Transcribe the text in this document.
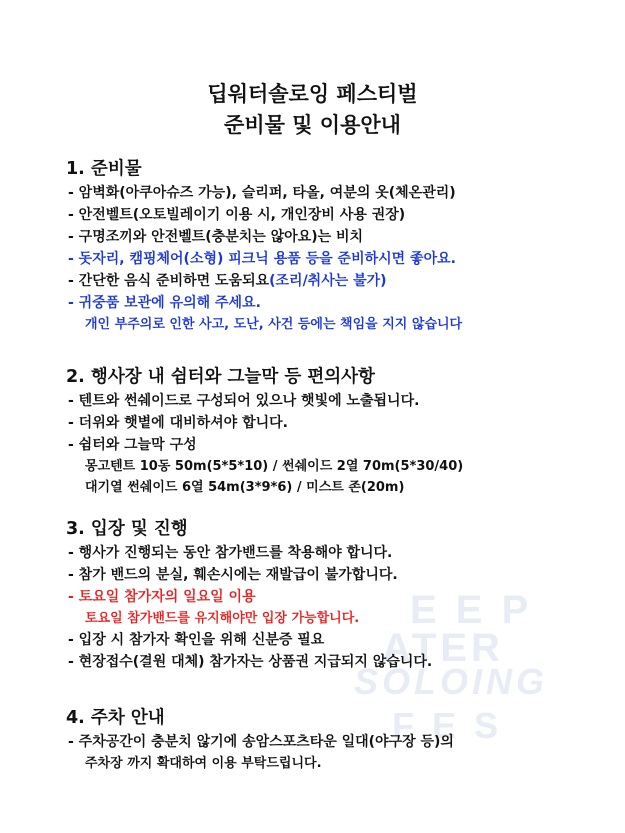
E E P
ATER
SOLOING
F E S
딥워터솔로잉 페스티벌
준비물 및 이용안내
1. 준비물
- 암벽화(아쿠아슈즈 가능), 슬리퍼, 타올, 여분의 옷(체온관리)
- 안전벨트(오토빌레이기 이용 시, 개인장비 사용 권장)
- 구명조끼와 안전벨트(충분치는 않아요)는 비치
- 돗자리, 캠핑체어(소형) 피크닉 용품 등을 준비하시면 좋아요.
- 간단한 음식 준비하면 도움되요(조리/취사는 불가)
- 귀중품 보관에 유의해 주세요.
개인 부주의로 인한 사고, 도난, 사건 등에는 책임을 지지 않습니다
2. 행사장 내 쉼터와 그늘막 등 편의사항
- 텐트와 썬쉐이드로 구성되어 있으나 햇빛에 노출됩니다.
- 더위와 햇볕에 대비하셔야 합니다.
- 쉼터와 그늘막 구성
몽고텐트 10동 50m(5*5*10) / 썬쉐이드 2열 70m(5*30/40)
대기열 썬쉐이드 6열 54m(3*9*6) / 미스트 존(20m)
3. 입장 및 진행
- 행사가 진행되는 동안 참가밴드를 착용해야 합니다.
- 참가 밴드의 분실, 훼손시에는 재발급이 불가합니다.
- 토요일 참가자의 일요일 이용
토요일 참가밴드를 유지해야만 입장 가능합니다.
- 입장 시 참가자 확인을 위해 신분증 필요
- 현장접수(결원 대체) 참가자는 상품권 지급되지 않습니다.
4. 주차 안내
- 주차공간이 충분치 않기에 송암스포츠타운 일대(야구장 등)의
주차장 까지 확대하여 이용 부탁드립니다.
